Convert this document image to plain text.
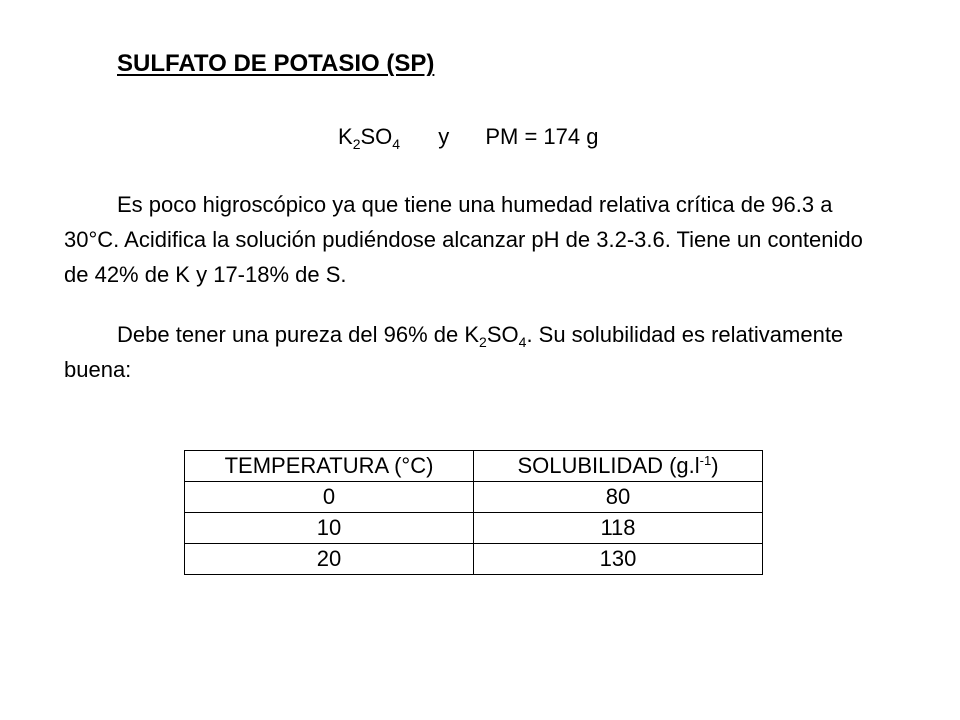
SULFATO DE POTASIO (SP)
$K_2SO_4$ y PM = 174 g

Es poco higroscópico ya que tiene una humedad relativa crítica de 96.3 a 30°C. Acidifica la solución pudiéndose alcanzar pH de 3.2-3.6. Tiene un contenido de 42% de K y 17-18% de S.

Debe tener una pureza del 96% de $K_2SO_4$. Su solubilidad es relativamente buena:

TEMPERATURA (°C)	SOLUBILIDAD $(g.l^{-1})$
0	80
10	118
20	130
